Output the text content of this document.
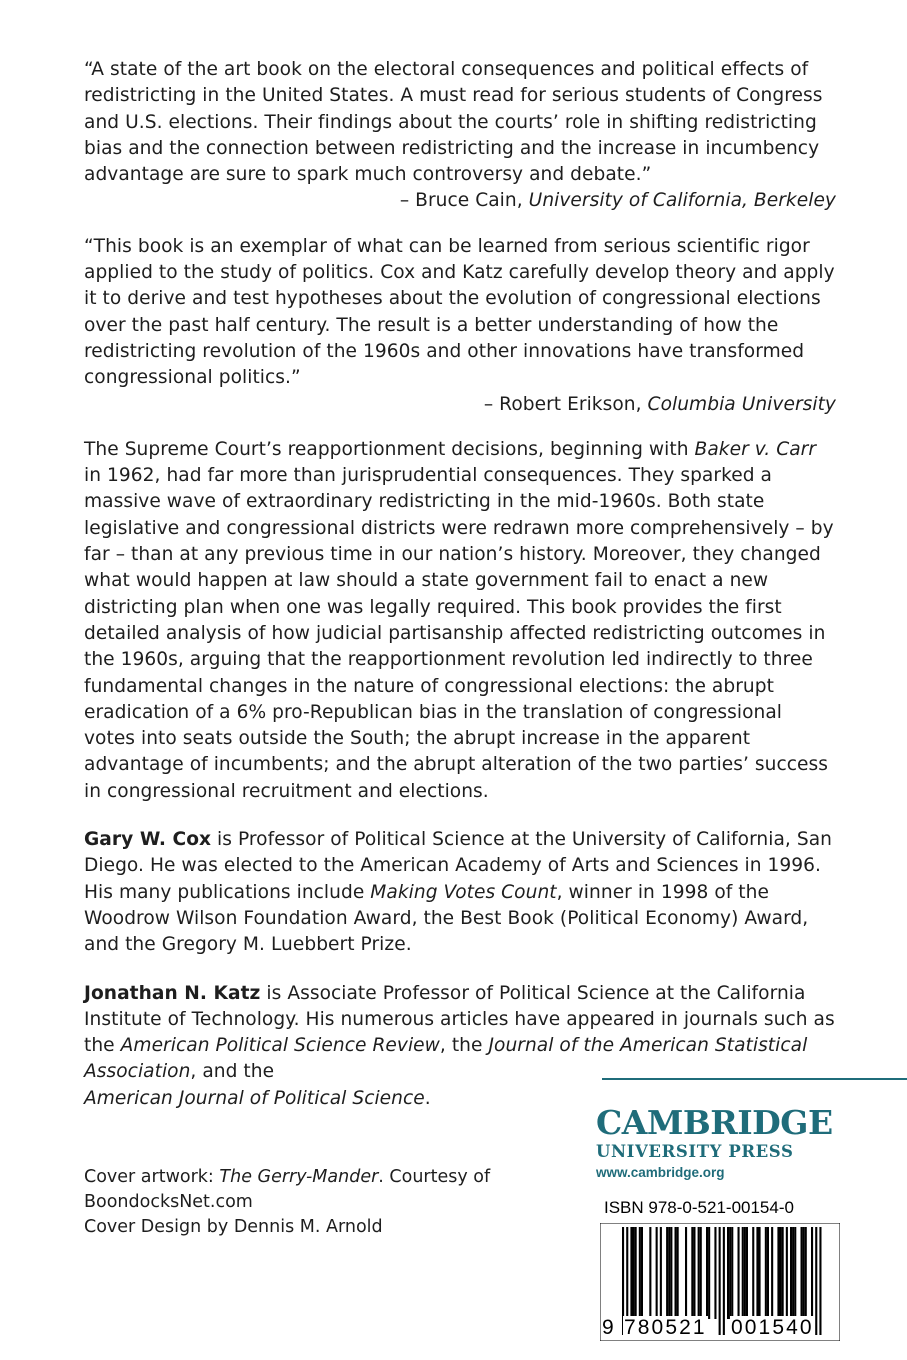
“A state of the art book on the electoral consequences and political effects of redistricting in the United States. A must read for serious students of Congress and U.S. elections. Their findings about the courts’ role in shifting redistricting bias and the connection between redistricting and the increase in incumbency advantage are sure to spark much controversy and debate.”

– Bruce Cain, University of California, Berkeley

“This book is an exemplar of what can be learned from serious scientific rigor applied to the study of politics. Cox and Katz carefully develop theory and apply it to derive and test hypotheses about the evolution of congressional elections over the past half century. The result is a better understanding of how the redistricting revolution of the 1960s and other innovations have transformed congressional politics.”

– Robert Erikson, Columbia University

The Supreme Court’s reapportionment decisions, beginning with Baker v. Carr in 1962, had far more than jurisprudential consequences. They sparked a massive wave of extraordinary redistricting in the mid-1960s. Both state legislative and congressional districts were redrawn more comprehensively – by far – than at any previous time in our nation’s history. Moreover, they changed what would happen at law should a state government fail to enact a new districting plan when one was legally required. This book provides the first detailed analysis of how judicial partisanship affected redistricting outcomes in the 1960s, arguing that the reapportionment revolution led indirectly to three fundamental changes in the nature of congressional elections: the abrupt eradication of a 6% pro-Republican bias in the translation of congressional votes into seats outside the South; the abrupt increase in the apparent advantage of incumbents; and the abrupt alteration of the two parties’ success in congressional recruitment and elections.

Gary W. Cox is Professor of Political Science at the University of California, San Diego. He was elected to the American Academy of Arts and Sciences in 1996. His many publications include Making Votes Count, winner in 1998 of the Woodrow Wilson Foundation Award, the Best Book (Political Economy) Award, and the Gregory M. Luebbert Prize.

Jonathan N. Katz is Associate Professor of Political Science at the California Institute of Technology. His numerous articles have appeared in journals such as the American Political Science Review, the Journal of the American Statistical Association, and the
American Journal of Political Science.

Cover artwork: The Gerry-Mander. Courtesy of BoondocksNet.com
Cover Design by Dennis M. Arnold
CAMBRIDGE
UNIVERSITY PRESS
www.cambridge.org
ISBN 978-0-521-00154-0
9 780521 001540
